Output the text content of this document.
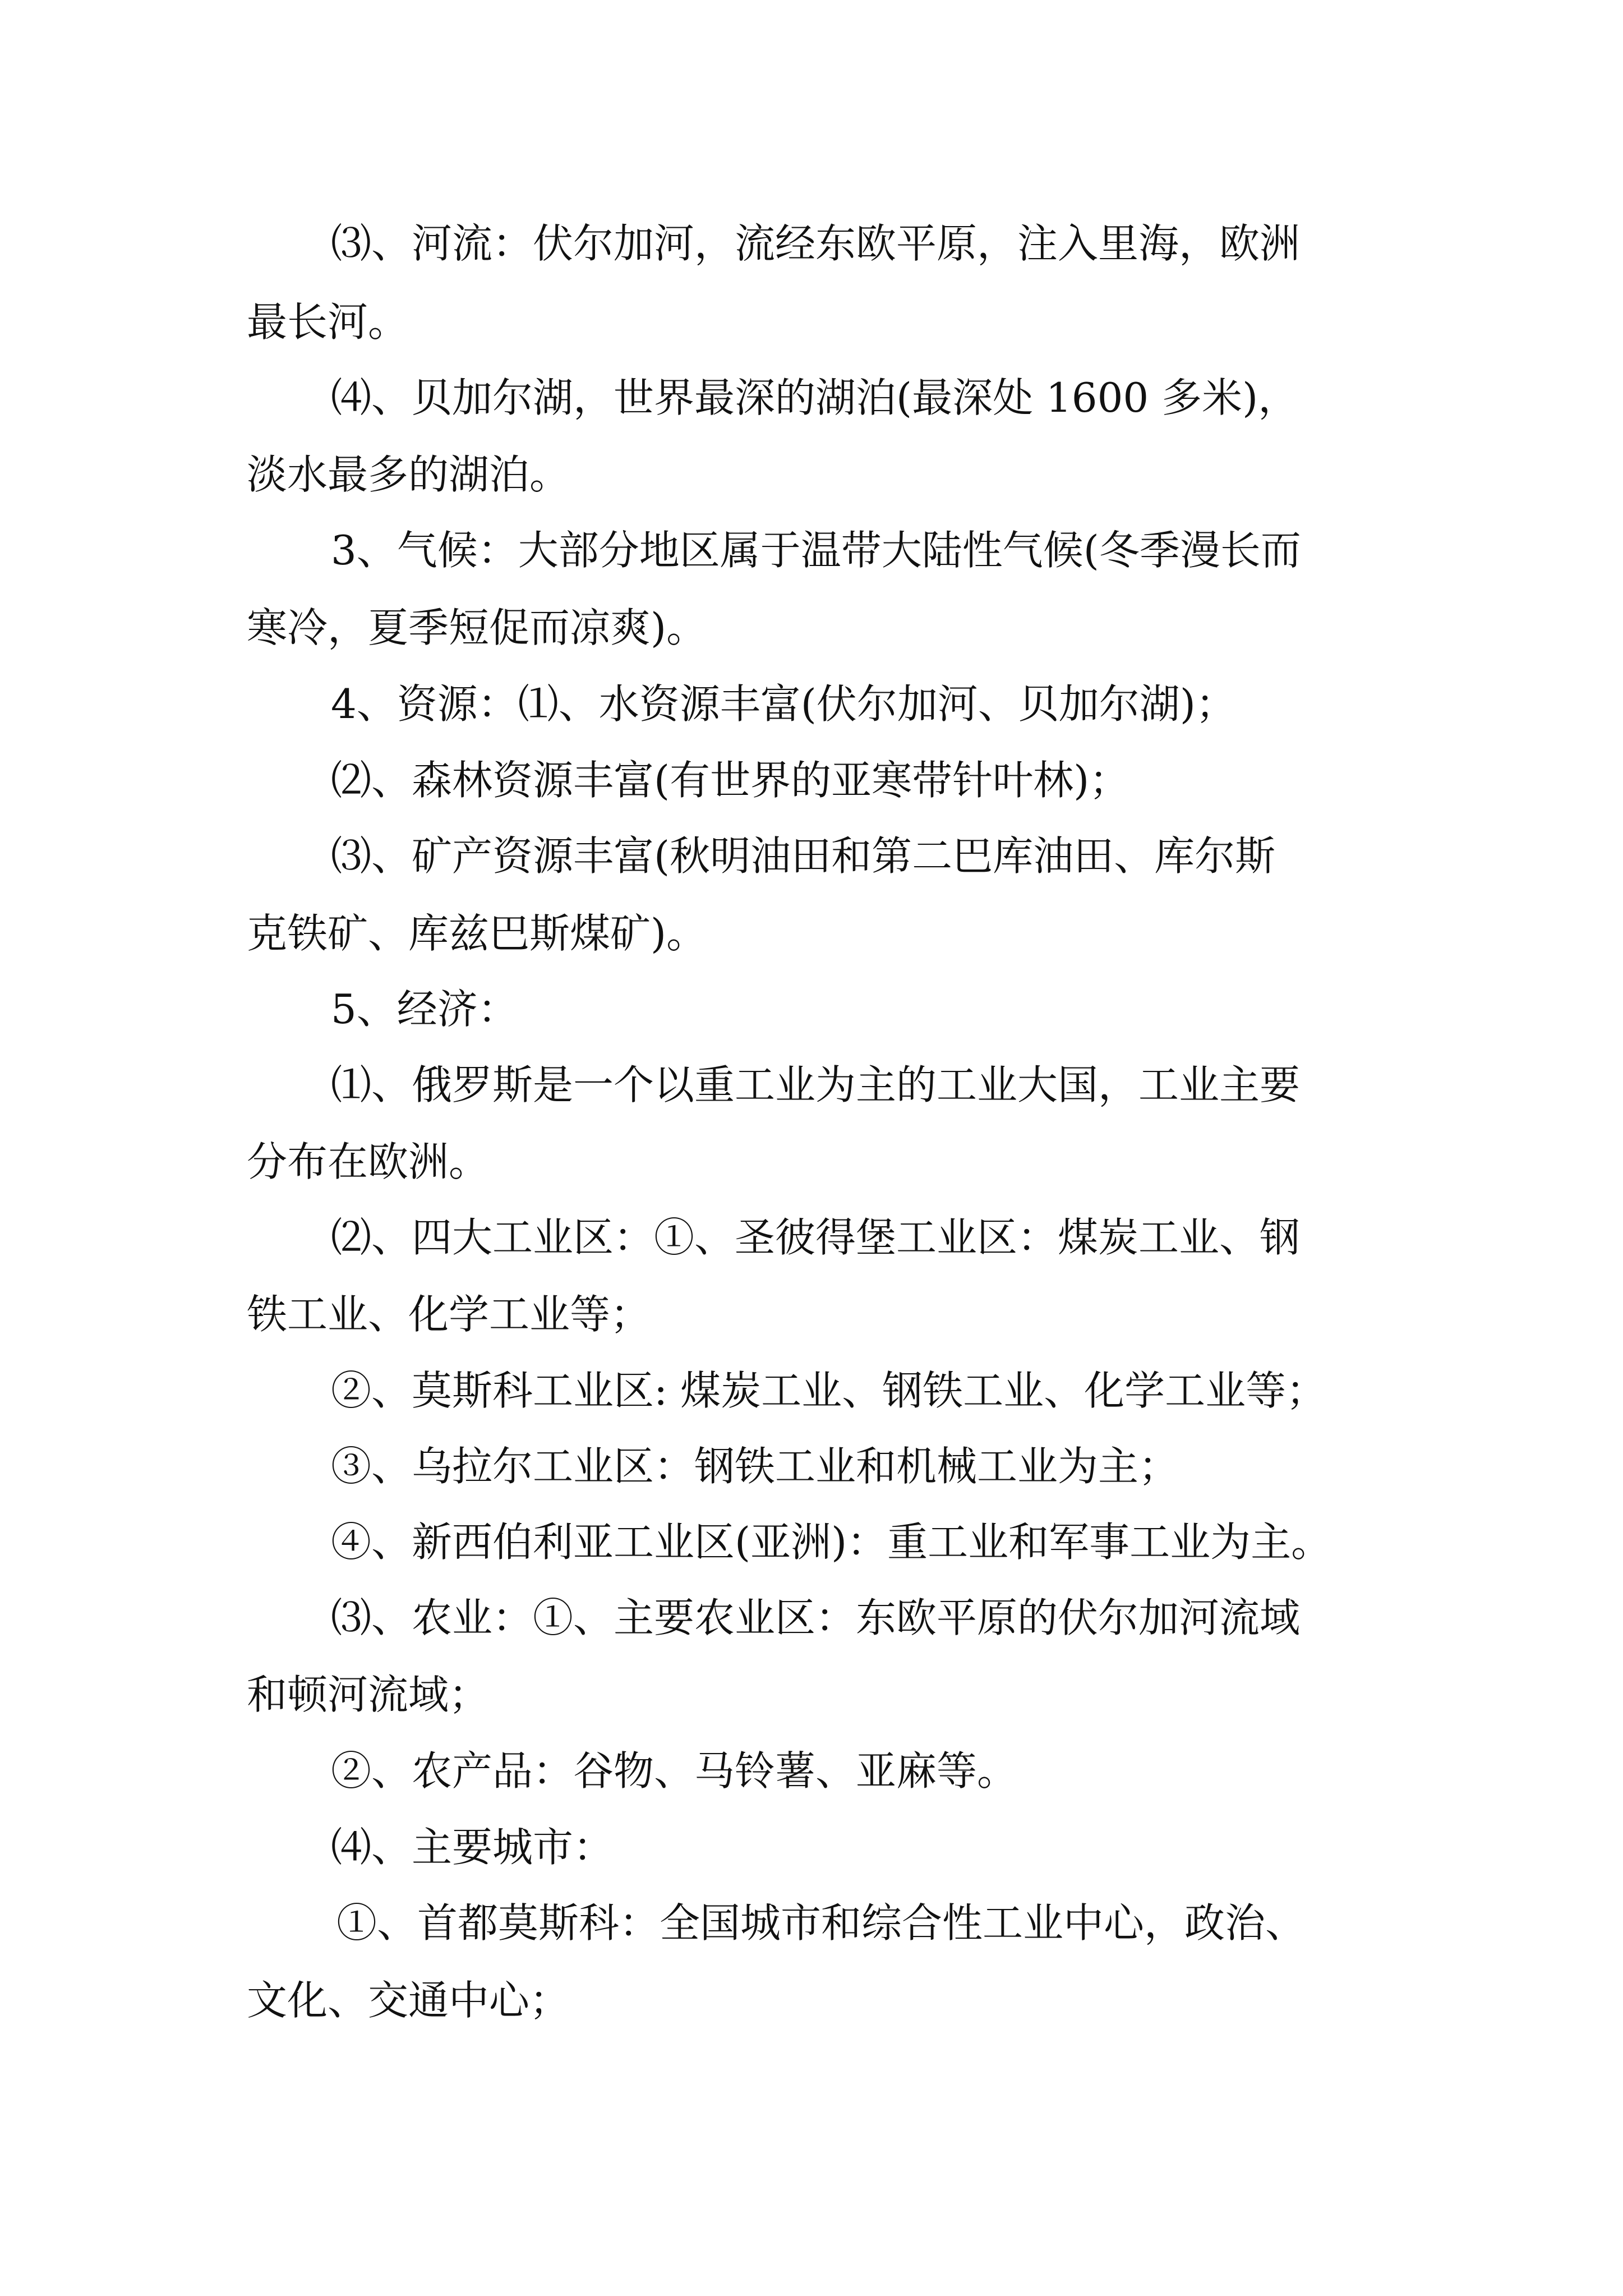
⑶、河流：伏尔加河，流经东欧平原，注入里海，欧洲
最长河。
⑷、贝加尔湖，世界最深的湖泊(最深处 1600 多米)，
淡水最多的湖泊。
3、气候：大部分地区属于温带大陆性气候(冬季漫长而
寒冷，夏季短促而凉爽)。
4、资源：⑴、水资源丰富(伏尔加河、贝加尔湖)；
⑵、森林资源丰富(有世界的亚寒带针叶林)；
⑶、矿产资源丰富(秋明油田和第二巴库油田、库尔斯
克铁矿、库兹巴斯煤矿)。
5、经济：
⑴、俄罗斯是一个以重工业为主的工业大国，工业主要
分布在欧洲。
⑵、四大工业区：①、圣彼得堡工业区：煤炭工业、钢
铁工业、化学工业等；
②、莫斯科工业区: 煤炭工业、钢铁工业、化学工业等；
③、乌拉尔工业区：钢铁工业和机械工业为主；
④、新西伯利亚工业区(亚洲)：重工业和军事工业为主。
⑶、农业：①、主要农业区：东欧平原的伏尔加河流域
和顿河流域；
②、农产品：谷物、马铃薯、亚麻等。
⑷、主要城市：
①、首都莫斯科：全国城市和综合性工业中心，政治、
文化、交通中心；
